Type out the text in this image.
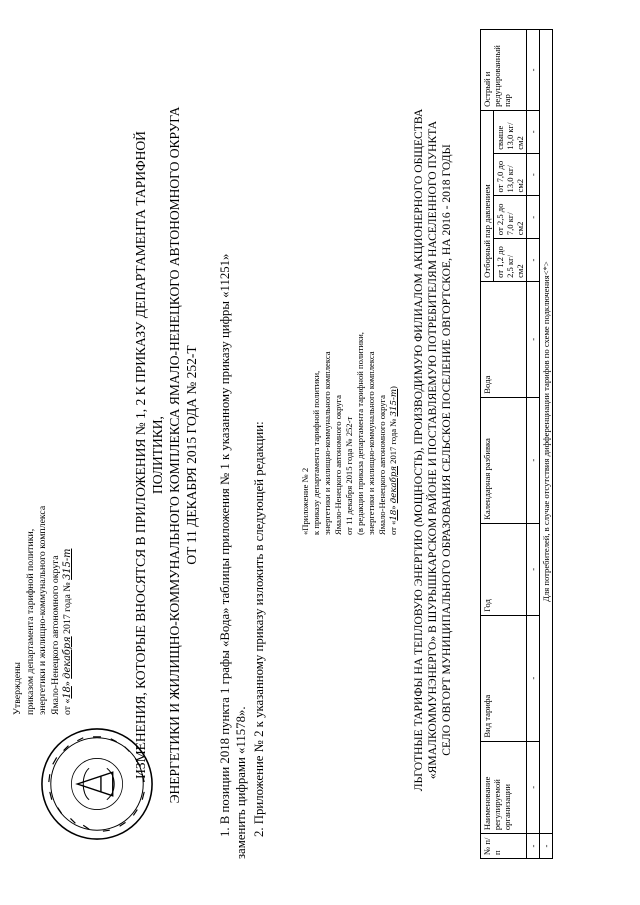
Утверждены приказом департамента тарифной политики, энергетики и жилищно-коммунального комплекса Ямало-Ненецкого автономного округа от «18» декабря 2017 года № 315-т	ИЗМЕНЕНИЯ, КОТОРЫЕ ВНОСЯТСЯ В ПРИЛОЖЕНИЯ № 1, 2 К ПРИКАЗУ ДЕПАРТАМЕНТА ТАРИФНОЙ ПОЛИТИКИ, ЭНЕРГЕТИКИ И ЖИЛИЩНО-КОММУНАЛЬНОГО КОМПЛЕКСА ЯМАЛО-НЕНЕЦКОГО АВТОНОМНОГО ОКРУГА ОТ 11 ДЕКАБРЯ 2015 ГОДА № 252-Т 1. В позиции 2018 пункта 1 графы «Вода» таблицы приложения № 1 к указанному приказу цифры «11251» заменить цифрами «11578». 2. Приложение № 2 к указанному приказу изложить в следующей редакции:	«Приложение № 2 к приказу департамента тарифной политики, энергетики и жилищно-коммунального комплекса Ямало-Ненецкого автономного округа от 11 декабря 2015 года № 252-т (в редакции приказа департамента тарифной политики, энергетики и жилищно-коммунального комплекса Ямало-Ненецкого автономного округа от «18» декабря 2017 года № 315-т) ЛЬГОТНЫЕ ТАРИФЫ НА ТЕПЛОВУЮ ЭНЕРГИЮ (МОЩНОСТЬ), ПРОИЗВОДИМУЮ ФИЛИАЛОМ АКЦИОНЕРНОГО ОБЩЕСТВА «ЯМАЛКОММУНЭНЕРГО» В ШУРЫШКАРСКОМ РАЙОНЕ И ПОСТАВЛЯЕМУЮ ПОТРЕБИТЕЛЯМ НАСЕЛЕННОГО ПУНКТА СЕЛО ОВГОРТ МУНИЦИПАЛЬНОГО ОБРАЗОВАНИЯ СЕЛЬСКОЕ ПОСЕЛЕНИЕ ОВГОРТСКОЕ, НА 2016 - 2018 ГОДЫ
№ п/п	Наименование регулируемой организации	Вид тарифа	Год	Календарная разбивка	Вода	Отборный пар давлением				Острый и редуцированный пар
						от 1,2 до 2,5 кг/см2	от 2,5 до 7,0 кг/см2	от 7,0 до 13,0 кг/см2	свыше 13,0 кг/см2	
-	-	-	-	-	-	-	-	-	-	-
-	Для потребителей, в случае отсутствия дифференциации тарифов по схеме подключения<*>									
